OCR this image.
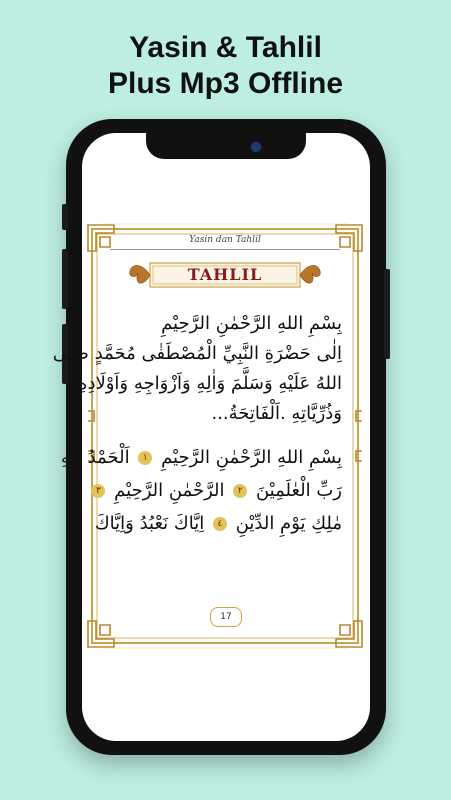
Yasin & Tahlil
Plus Mp3 Offline
Yasin dan Tahlil
TAHLIL

بِسْمِ اللهِ الرَّحْمٰنِ الرَّحِيْمِ

اِلٰى حَضْرَةِ النَّبِيِّ الْمُصْطَفٰى مُحَمَّدٍ صَلَّى

اللهُ عَلَيْهِ وَسَلَّمَ وَاٰلِهِ وَاَزْوَاجِهِ وَاَوْلَادِهِ

وَذُرِّيَّاتِهِ .اَلْفَاتِحَةُ...

بِسْمِ اللهِ الرَّحْمٰنِ الرَّحِيْمِ ١ اَلْحَمْدُ لِلّٰهِ

رَبِّ الْعٰلَمِيْنَ ٢ الرَّحْمٰنِ الرَّحِيْمِ ٣

مٰلِكِ يَوْمِ الدِّيْنِ ٤ اِيَّاكَ نَعْبُدُ وَاِيَّاكَ

17
